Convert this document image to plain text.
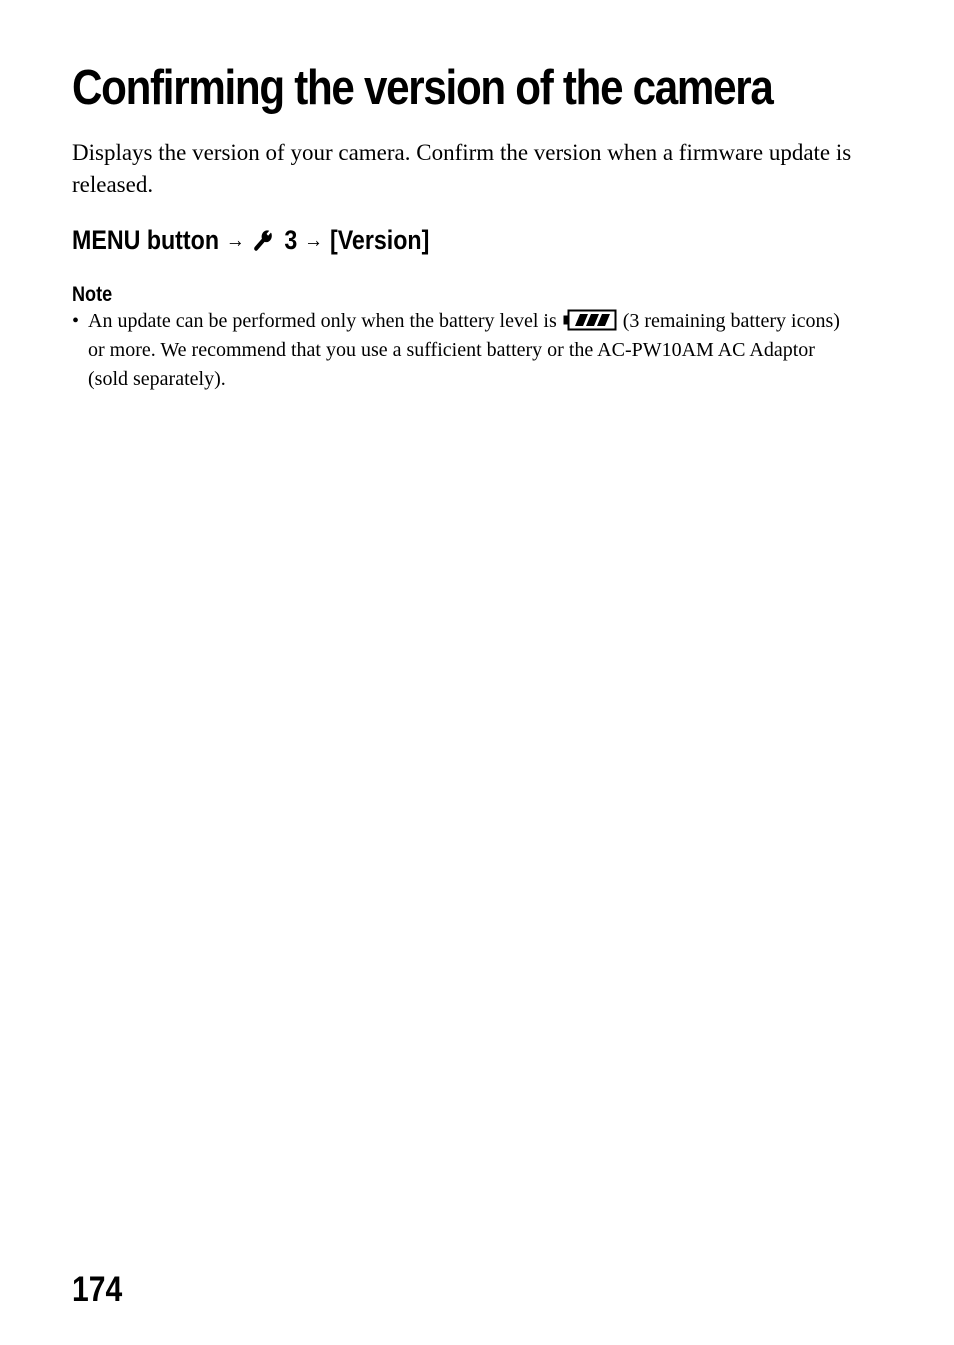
Confirming the version of the camera

Displays the version of your camera. Confirm the version when a firmware update is released.

MENU button → 3 → [Version]
Note
• An update can be performed only when the battery level is	(3 remaining battery icons) or more. We recommend that you use a sufficient battery or the AC-PW10AM AC Adaptor (sold separately).
174
